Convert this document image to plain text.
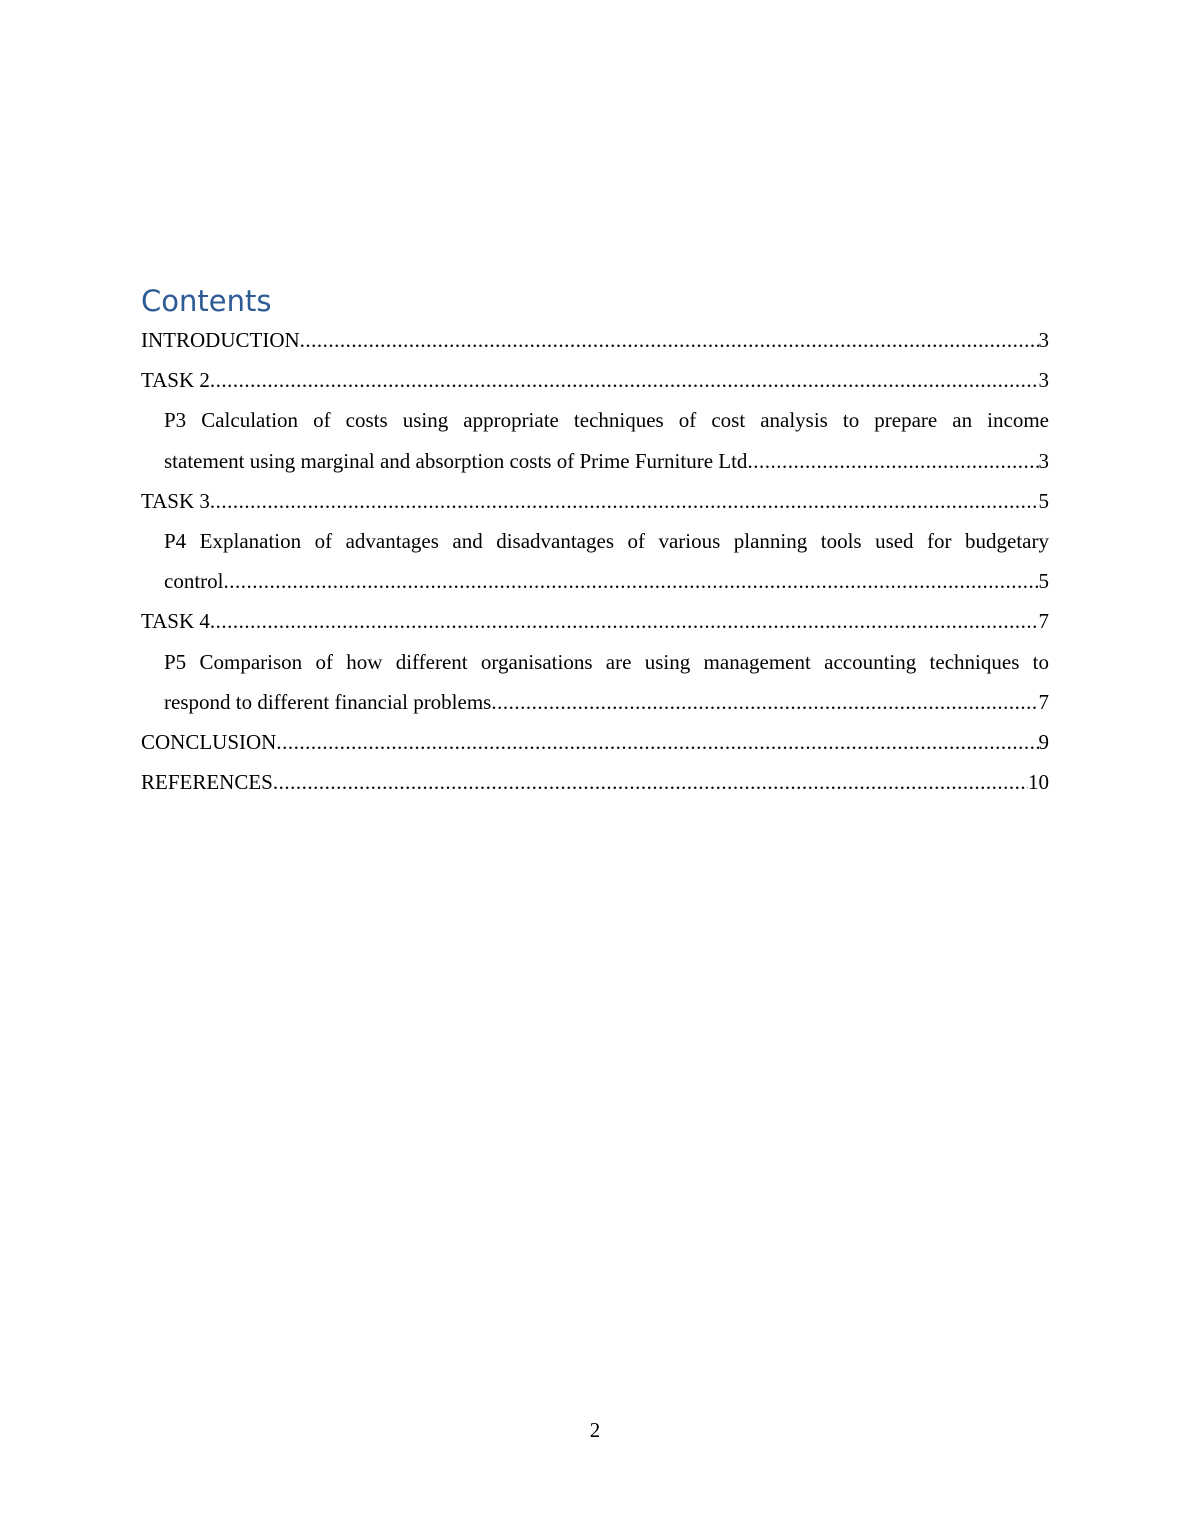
Contents
INTRODUCTION .....	3
TASK 2 .....	3
P3 Calculation of costs using appropriate techniques of cost analysis to prepare an income
statement using marginal and absorption costs of Prime Furniture Ltd .....	3
TASK 3 .....	5
P4 Explanation of advantages and disadvantages of various planning tools used for budgetary
control .....	5
TASK 4 .....	7
P5 Comparison of how different organisations are using management accounting techniques to
respond to different financial problems .....	7
CONCLUSION .....	9
REFERENCES .....	10
2
